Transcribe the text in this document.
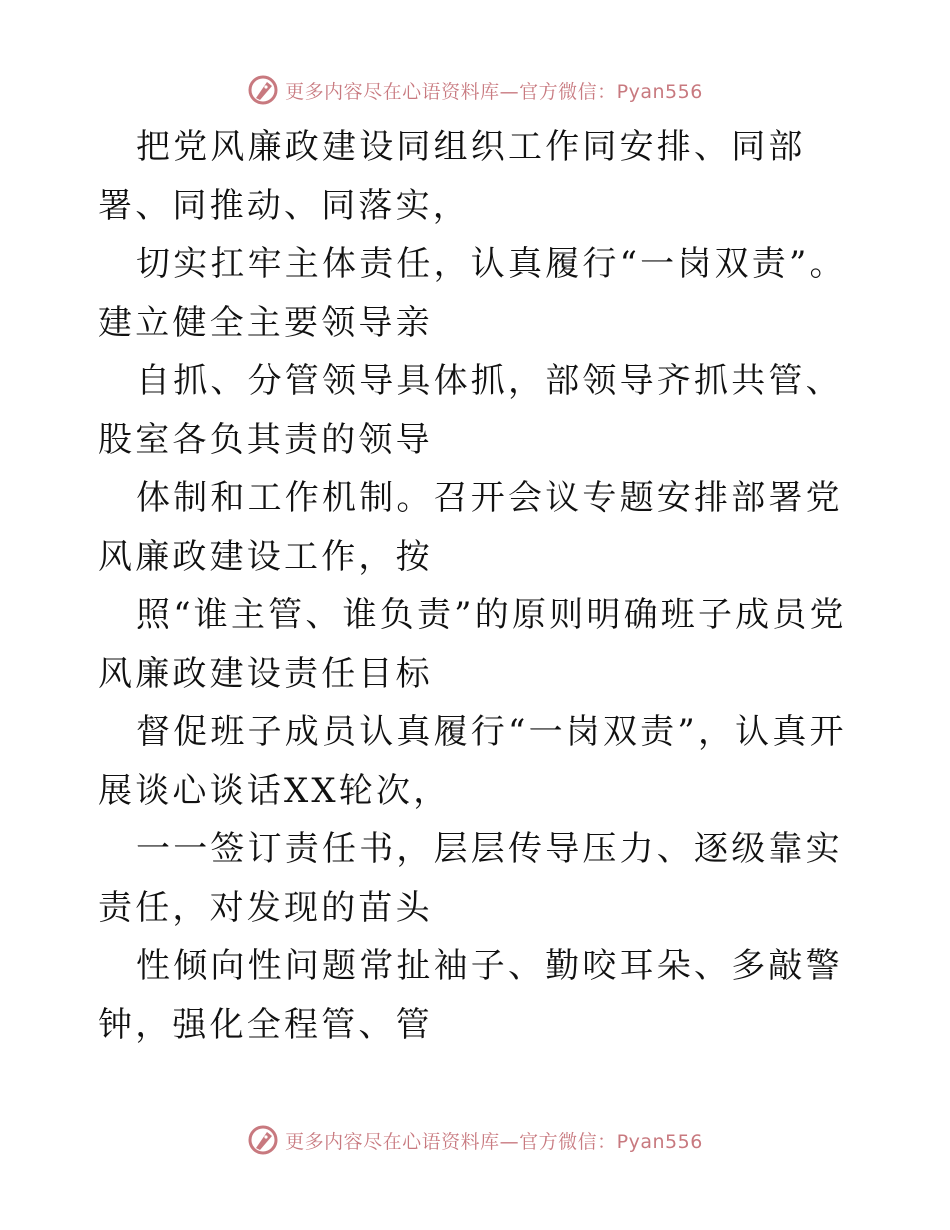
更多内容尽在心语资料库—官方微信：Pyan556

把党风廉政建设同组织工作同安排、同部署、同推动、同落实，

切实扛牢主体责任，认真履行“一岗双责”。建立健全主要领导亲

自抓、分管领导具体抓，部领导齐抓共管、股室各负其责的领导

体制和工作机制。召开会议专题安排部署党风廉政建设工作，按

照“谁主管、谁负责”的原则明确班子成员党风廉政建设责任目标

督促班子成员认真履行“一岗双责”，认真开展谈心谈话XX轮次，

一一签订责任书，层层传导压力、逐级靠实责任，对发现的苗头

性倾向性问题常扯袖子、勤咬耳朵、多敲警钟，强化全程管、管

更多内容尽在心语资料库—官方微信：Pyan556
